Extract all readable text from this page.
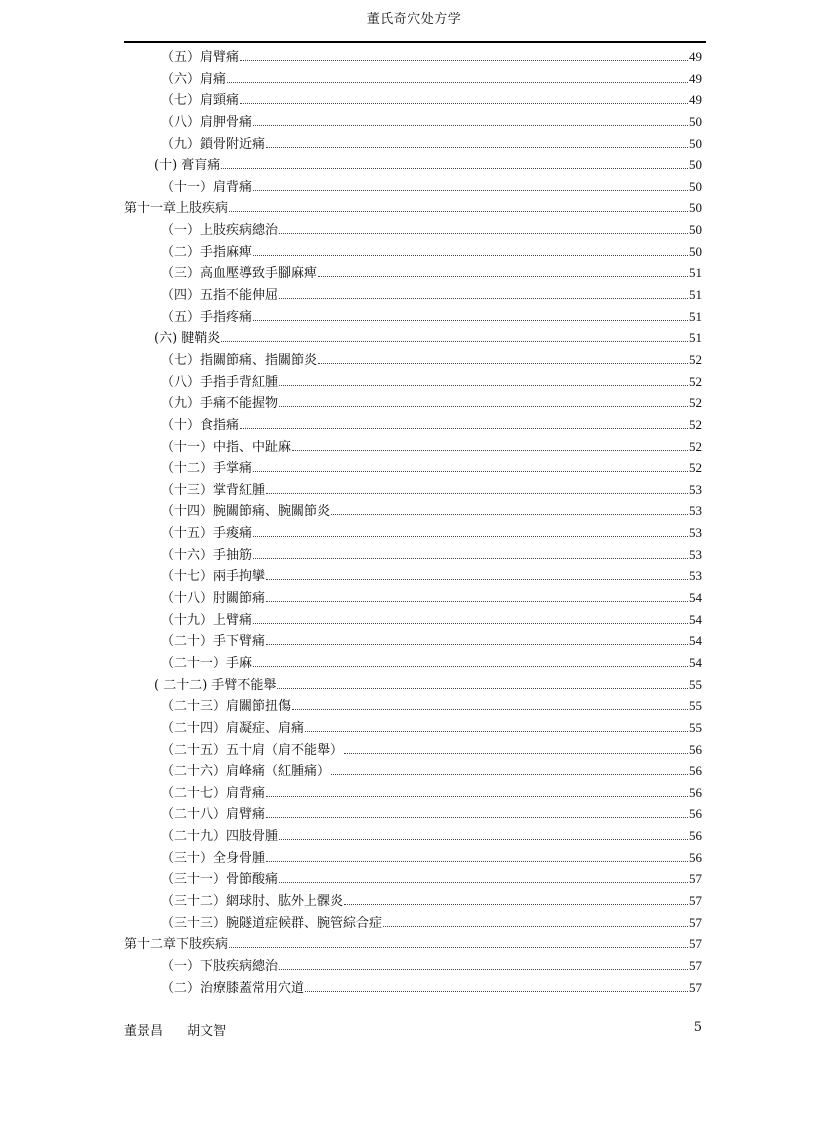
董氏奇穴处方学
（五）肩臂痛	49
（六）肩痛	49
（七）肩頸痛	49
（八）肩胛骨痛	50
（九）鎖骨附近痛	50
(十) 膏肓痛	50
（十一）肩背痛	50
第十一章上肢疾病	50
（一）上肢疾病總治	50
（二）手指麻痺	50
（三）高血壓導致手腳麻痺	51
（四）五指不能伸屈	51
（五）手指疼痛	51
(六) 腱鞘炎	51
（七）指關節痛、指關節炎	52
（八）手指手背紅腫	52
（九）手痛不能握物	52
（十）食指痛	52
（十一）中指、中趾麻	52
（十二）手掌痛	52
（十三）掌背紅腫	53
（十四）腕關節痛、腕關節炎	53
（十五）手痠痛	53
（十六）手抽筋	53
（十七）兩手拘攣	53
（十八）肘關節痛	54
（十九）上臂痛	54
（二十）手下臂痛	54
（二十一）手麻	54
( 二十二) 手臂不能舉	55
（二十三）肩關節扭傷	55
（二十四）肩凝症、肩痛	55
（二十五）五十肩（肩不能舉）	56
（二十六）肩峰痛（紅腫痛）	56
（二十七）肩背痛	56
（二十八）肩臂痛	56
（二十九）四肢骨腫	56
（三十）全身骨腫	56
（三十一）骨節酸痛	57
（三十二）網球肘、肱外上髁炎	57
（三十三）腕隧道症候群、腕管綜合症	57
第十二章下肢疾病	57
（一）下肢疾病總治	57
（二）治療膝蓋常用穴道	57
董景昌 胡文智	5
